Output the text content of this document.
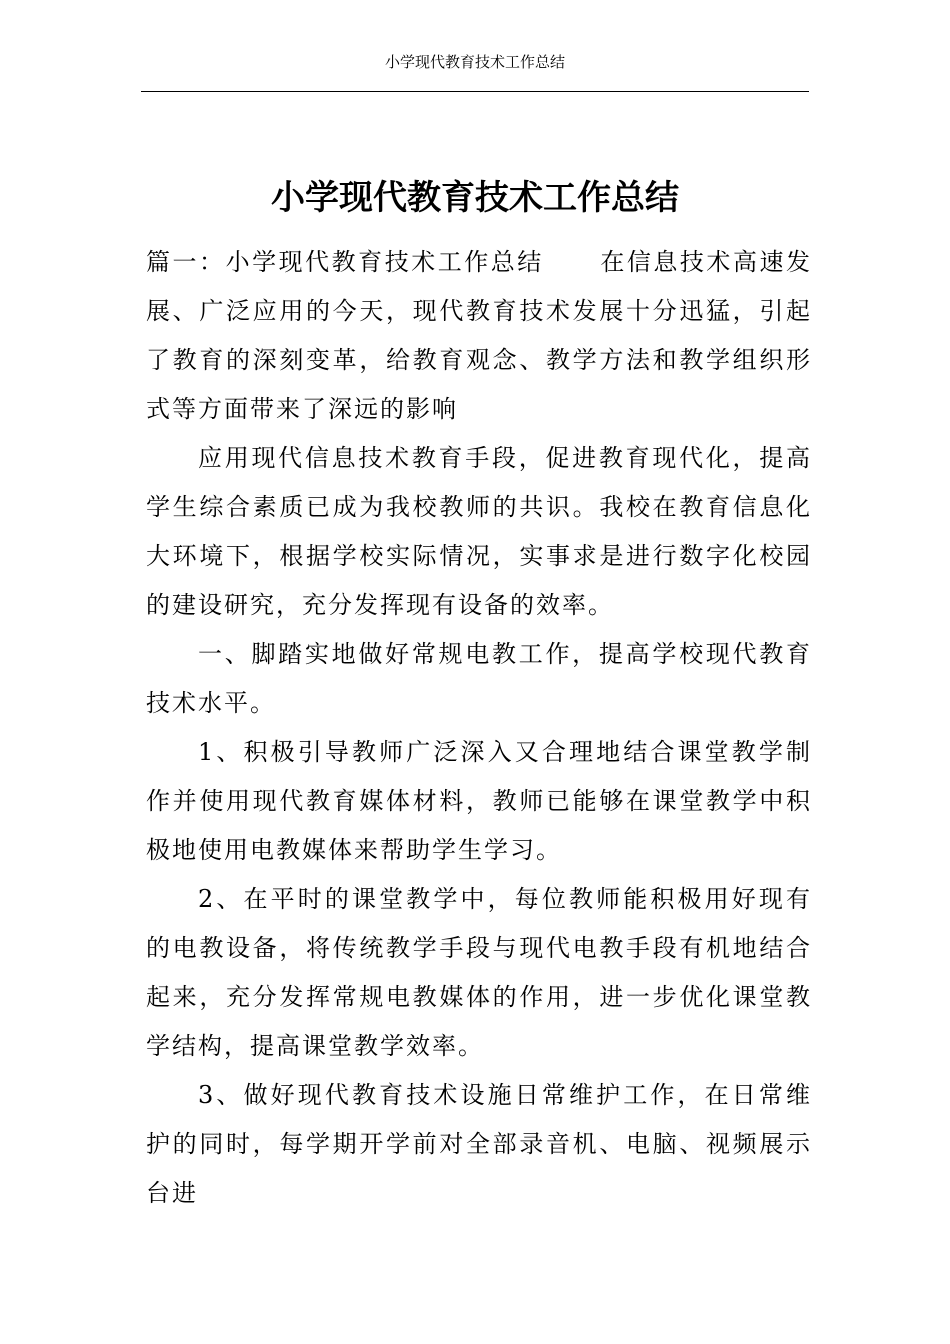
小学现代教育技术工作总结
小学现代教育技术工作总结

篇一：小学现代教育技术工作总结 在信息技术高速发展、广泛应用的今天，现代教育技术发展十分迅猛，引起了教育的深刻变革，给教育观念、教学方法和教学组织形式等方面带来了深远的影响

应用现代信息技术教育手段，促进教育现代化，提高学生综合素质已成为我校教师的共识。我校在教育信息化大环境下，根据学校实际情况，实事求是进行数字化校园的建设研究，充分发挥现有设备的效率。

一、脚踏实地做好常规电教工作，提高学校现代教育技术水平。

1、积极引导教师广泛深入又合理地结合课堂教学制作并使用现代教育媒体材料，教师已能够在课堂教学中积极地使用电教媒体来帮助学生学习。

2、在平时的课堂教学中，每位教师能积极用好现有的电教设备，将传统教学手段与现代电教手段有机地结合起来，充分发挥常规电教媒体的作用，进一步优化课堂教学结构，提高课堂教学效率。

3、做好现代教育技术设施日常维护工作，在日常维护的同时，每学期开学前对全部录音机、电脑、视频展示台进
